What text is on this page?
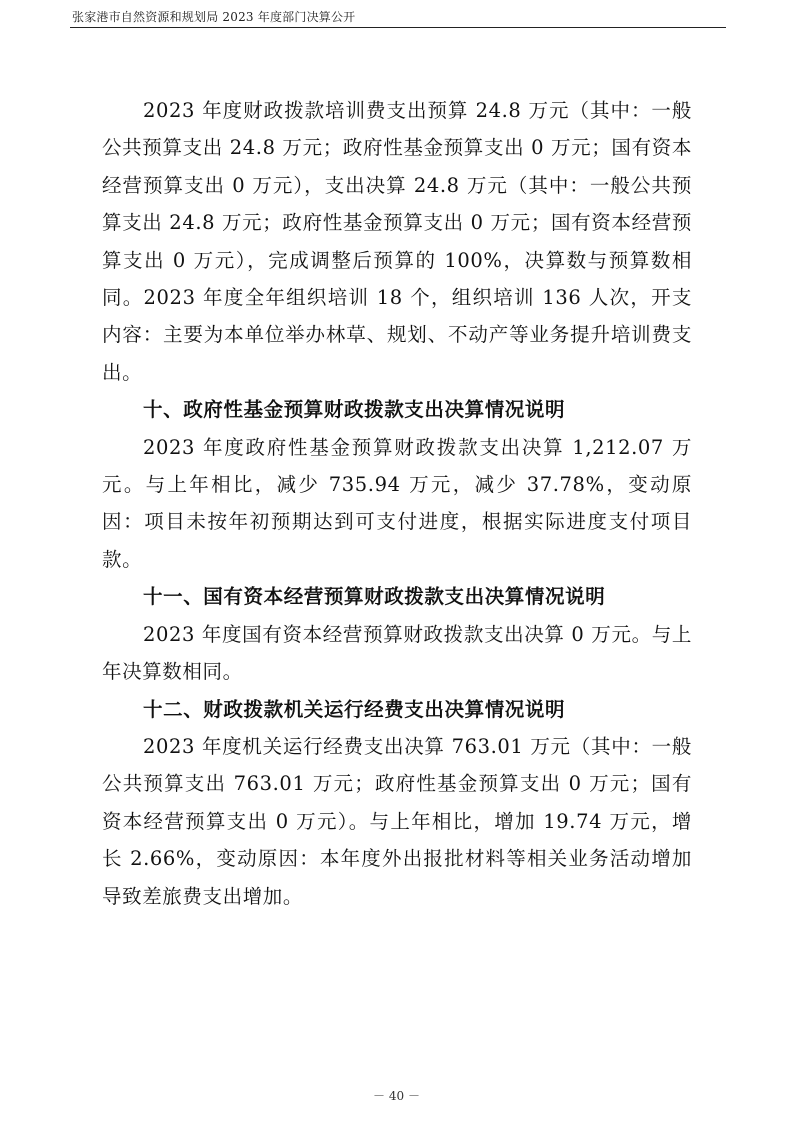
张家港市自然资源和规划局 2023 年度部门决算公开

2023 年度财政拨款培训费支出预算 24.8 万元（其中：一般公共预算支出 24.8 万元；政府性基金预算支出 0 万元；国有资本经营预算支出 0 万元），支出决算 24.8 万元（其中：一般公共预算支出 24.8 万元；政府性基金预算支出 0 万元；国有资本经营预算支出 0 万元），完成调整后预算的 100%，决算数与预算数相同。2023 年度全年组织培训 18 个，组织培训 136 人次，开支内容：主要为本单位举办林草、规划、不动产等业务提升培训费支出。

十、政府性基金预算财政拨款支出决算情况说明

2023 年度政府性基金预算财政拨款支出决算 1,212.07 万元。与上年相比，减少 735.94 万元，减少 37.78%，变动原因：项目未按年初预期达到可支付进度，根据实际进度支付项目款。

十一、国有资本经营预算财政拨款支出决算情况说明

2023 年度国有资本经营预算财政拨款支出决算 0 万元。与上年决算数相同。

十二、财政拨款机关运行经费支出决算情况说明

2023 年度机关运行经费支出决算 763.01 万元（其中：一般公共预算支出 763.01 万元；政府性基金预算支出 0 万元；国有资本经营预算支出 0 万元）。与上年相比，增加 19.74 万元，增长 2.66%，变动原因：本年度外出报批材料等相关业务活动增加导致差旅费支出增加。

－ 40 －
